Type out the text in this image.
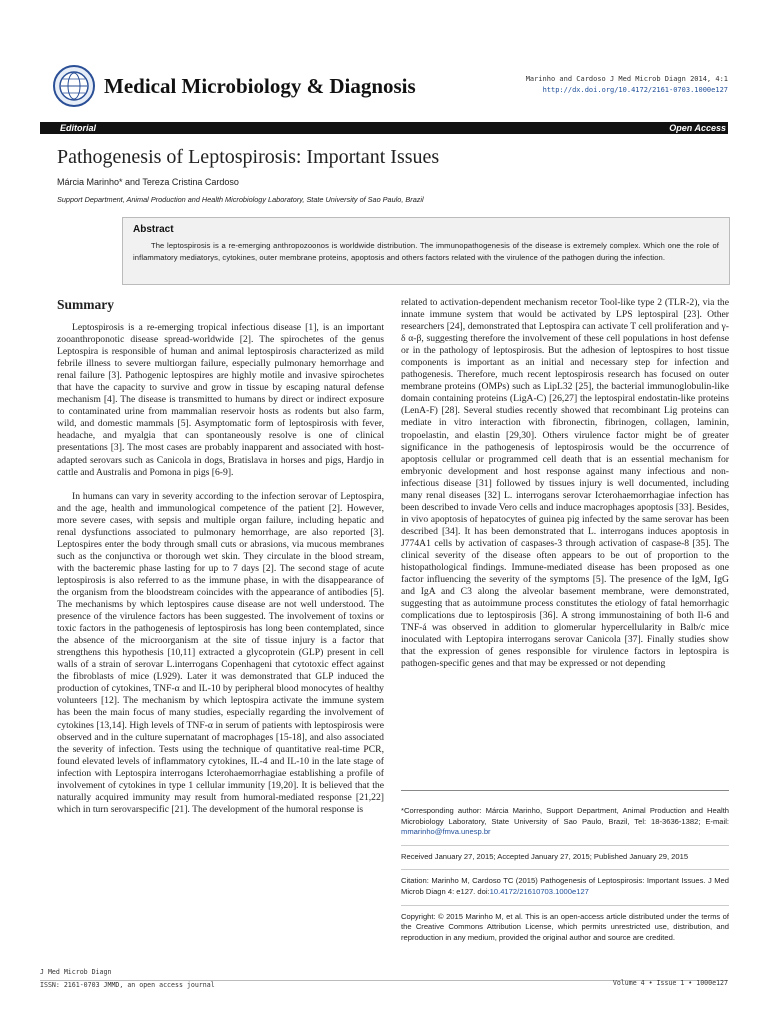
Medical Microbiology & Diagnosis	Marinho and Cardoso J Med Microb Diagn 2014, 4:1
http://dx.doi.org/10.4172/2161-0703.1000e127
Editorial	Open Access
Pathogenesis of Leptospirosis: Important Issues
Márcia Marinho* and Tereza Cristina Cardoso
Support Department, Animal Production and Health Microbiology Laboratory, State University of Sao Paulo, Brazil
Abstract
The leptospirosis is a re-emerging anthropozoonos is worldwide distribution. The immunopathogenesis of the disease is extremely complex. Which one the role of inflammatory mediatorys, cytokines, outer membrane proteins, apoptosis and others factors related with the virulence of the pathogen during the infection.
Summary

Leptospirosis is a re-emerging tropical infectious disease [1], is an important zooanthroponotic disease spread-worldwide [2]. The spirochetes of the genus Leptospira is responsible of human and animal leptospirosis characterized as mild febrile illness to severe multiorgan failure, especially pulmonary hemorrhage and renal failure [3]. Pathogenic leptospires are highly motile and invasive spirochetes that have the capacity to survive and grow in tissue by escaping natural defense mechanism [4]. The disease is transmitted to humans by direct or indirect exposure to contaminated urine from mammalian reservoir hosts as rodents but also farm, wild, and domestic mammals [5]. Asymptomatic form of leptospirosis with fever, headache, and myalgia that can spontaneously resolve is one of clinical presentations [3]. The most cases are probably inapparent and associated with host-adapted serovars such as Canicola in dogs, Bratislava in horses and pigs, Hardjo in cattle and Australis and Pomona in pigs [6-9].

In humans can vary in severity according to the infection serovar of Leptospira, and the age, health and immunological competence of the patient [2]. However, more severe cases, with sepsis and multiple organ failure, including hepatic and renal dysfunctions associated to pulmonary hemorrhage, are also reported [3]. Leptospires enter the body through small cuts or abrasions, via mucous membranes such as the conjunctiva or thorough wet skin. They circulate in the blood stream, with the bacteremic phase lasting for up to 7 days [2]. The second stage of acute leptospirosis is also referred to as the immune phase, in with the disappearance of the organism from the bloodstream coincides with the appearance of antibodies [5]. The mechanisms by which leptospires cause disease are not well understood. The presence of the virulence factors has been suggested. The involvement of toxins or toxic factors in the pathogenesis of leptospirosis has long been contemplated, since the absence of the microorganism at the site of tissue injury is a factor that strengthens this hypothesis [10,11] extracted a glycoprotein (GLP) present in cell walls of a strain of serovar L.interrogans Copenhageni that cytotoxic effect against the fibroblasts of mice (L929). Later it was demonstrated that GLP induced the production of cytokines, TNF-α and IL-10 by peripheral blood monocytes of healthy volunteers [12]. The mechanism by which leptospira activate the immune system has been the main focus of many studies, especially regarding the involvement of cytokines [13,14]. High levels of TNF-α in serum of patients with leptospirosis were observed and in the culture supernatant of macrophages [15-18], and also associated the severity of infection. Tests using the technique of quantitative real-time PCR, found elevated levels of inflammatory cytokines, IL-4 and IL-10 in the late stage of infection with Leptospira interrogans Icterohaemorrhagiae establishing a profile of involvement of cytokines in type 1 cellular immunity [19,20]. It is believed that the naturally acquired immunity may result from humoral-mediated response [21,22] which in turn serovarspecific [21]. The development of the humoral response is

related to activation-dependent mechanism recetor Tool-like type 2 (TLR-2), via the innate immune system that would be activated by LPS leptospiral [23]. Other researchers [24], demonstrated that Leptospira can activate T cell proliferation and γ-δ α-β, suggesting therefore the involvement of these cell populations in host defense or in the pathology of leptospirosis. But the adhesion of leptospires to host tissue components is important as an initial and necessary step for infection and pathogenesis. Therefore, much recent leptospirosis research has focused on outer membrane proteins (OMPs) such as LipL32 [25], the bacterial immunoglobulin-like domain containing proteins (LigA-C) [26,27] the leptospiral endostatin-like proteins (LenA-F) [28]. Several studies recently showed that recombinant Lig proteins can mediate in vitro interaction with fibronectin, fibrinogen, collagen, laminin, tropoelastin, and elastin [29,30]. Others virulence factor might be of greater significance in the pathogenesis of leptospirosis would be the occurrence of apoptosis cellular or programmed cell death that is an essential mechanism for embryonic development and host response against many infectious and non-infectious disease [31] followed by tissues injury is well documented, including many renal diseases [32] L. interrogans serovar Icterohaemorrhagiae infection has been described to invade Vero cells and induce macrophages apoptosis [33]. Besides, in vivo apoptosis of hepatocytes of guinea pig infected by the same serovar has been described [34]. It has been demonstrated that L. interrogans induces apoptosis in J774A1 cells by activation of caspases-3 through activation of caspase-8 [35]. The clinical severity of the disease often appears to be out of proportion to the histopathological findings. Immune-mediated disease has been proposed as one factor influencing the severity of the symptoms [5]. The presence of the IgM, IgG and IgA and C3 along the alveolar basement membrane, were demonstrated, suggesting that as autoimmune process constitutes the etiology of fatal hemorrhagic complications due to leptospirosis [36]. A strong immunostaining of both Il-6 and TNF-á was observed in addition to glomerular hypercellularity in Balb/c mice inoculated with Leptopira interrogans serovar Canicola [37]. Finally studies show that the expression of genes responsible for virulence factors in leptospira is pathogen-specific genes and that may be expressed or not depending

*Corresponding author: Márcia Marinho, Support Department, Animal Production and Health Microbiology Laboratory, State University of Sao Paulo, Brazil, Tel: 18-3636-1382; E-mail: mmarinho@fmva.unesp.br

Received January 27, 2015; Accepted January 27, 2015; Published January 29, 2015

Citation: Marinho M, Cardoso TC (2015) Pathogenesis of Leptospirosis: Important Issues. J Med Microb Diagn 4: e127. doi:10.4172/21610703.1000e127

Copyright: © 2015 Marinho M, et al. This is an open-access article distributed under the terms of the Creative Commons Attribution License, which permits unrestricted use, distribution, and reproduction in any medium, provided the original author and source are credited.

J Med Microb Diagn
ISSN: 2161-0703 JMMD, an open access journal	Volume 4 • Issue 1 • 1000e127
